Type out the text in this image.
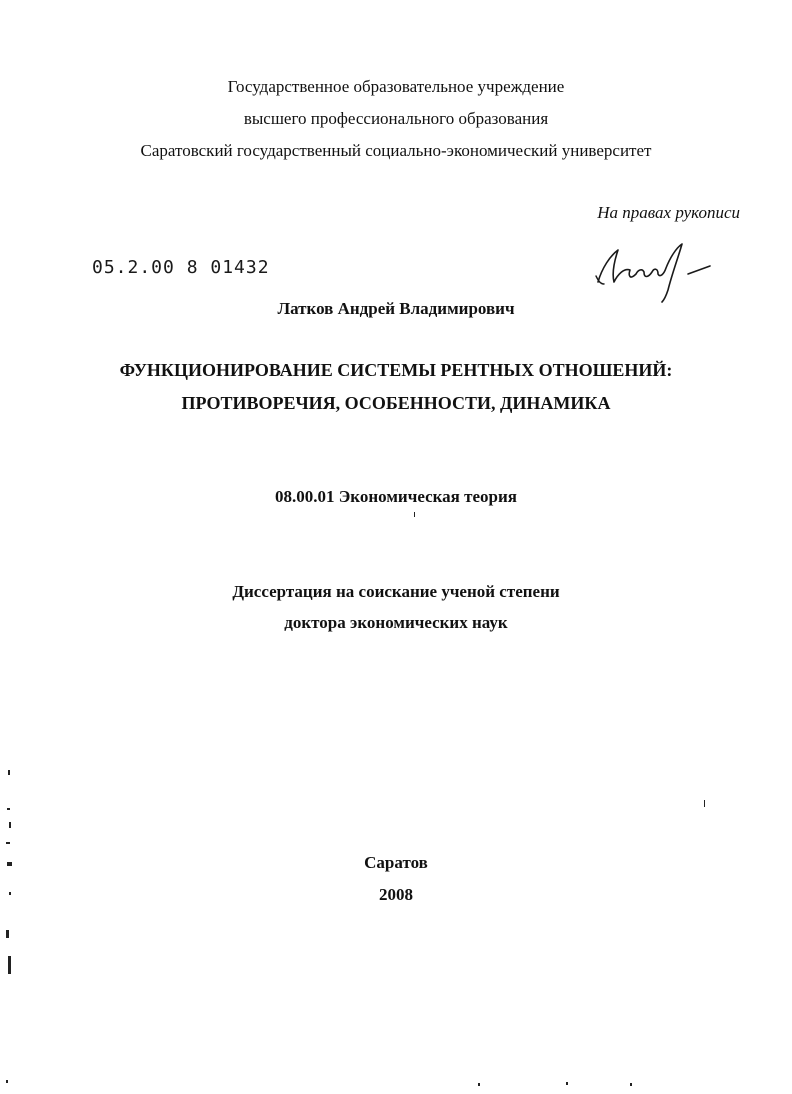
Государственное образовательное учреждение
высшего профессионального образования
Саратовский государственный социально-экономический университет
На правах рукописи
05.2.00 8 01432
Латков Андрей Владимирович
ФУНКЦИОНИРОВАНИЕ СИСТЕМЫ РЕНТНЫХ ОТНОШЕНИЙ:
ПРОТИВОРЕЧИЯ, ОСОБЕННОСТИ, ДИНАМИКА
08.00.01 Экономическая теория
Диссертация на соискание ученой степени
доктора экономических наук
Саратов
2008
